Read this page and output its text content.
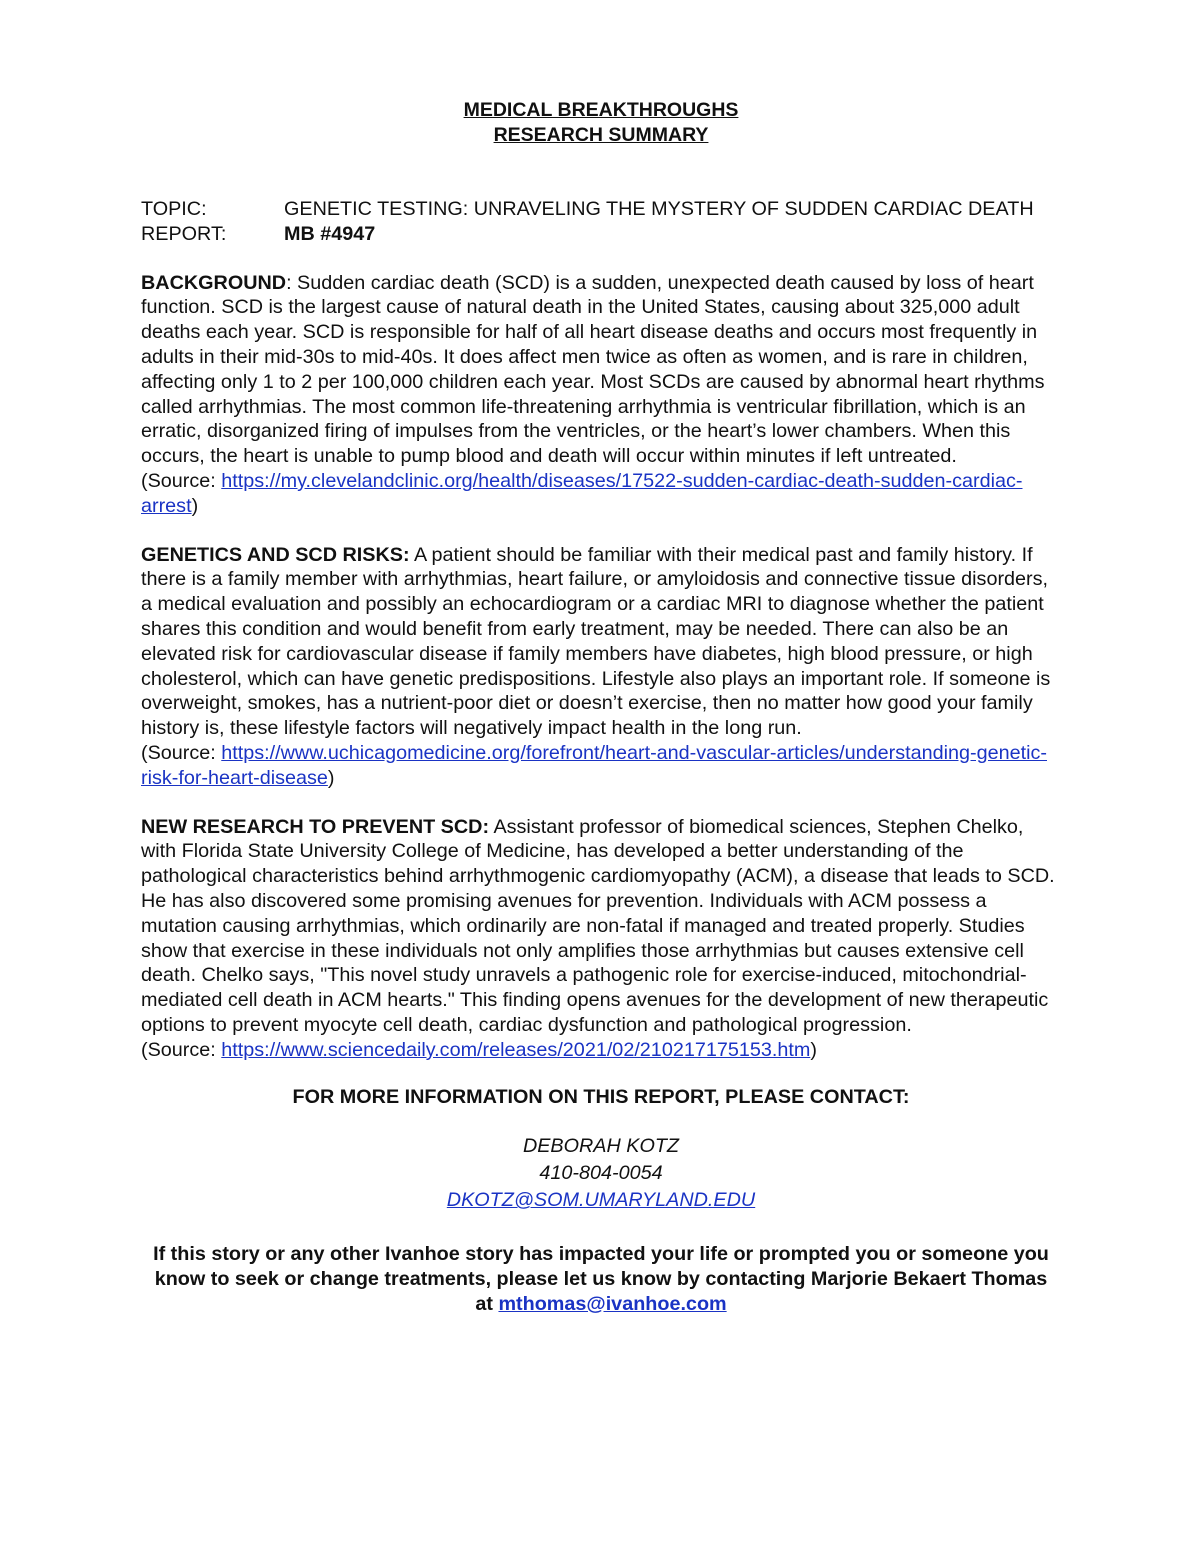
MEDICAL BREAKTHROUGHS
RESEARCH SUMMARY
TOPIC:	GENETIC TESTING: UNRAVELING THE MYSTERY OF SUDDEN CARDIAC DEATH
REPORT:	MB #4947
BACKGROUND: Sudden cardiac death (SCD) is a sudden, unexpected death caused by loss of heart function. SCD is the largest cause of natural death in the United States, causing about 325,000 adult deaths each year. SCD is responsible for half of all heart disease deaths and occurs most frequently in adults in their mid-30s to mid-40s. It does affect men twice as often as women, and is rare in children, affecting only 1 to 2 per 100,000 children each year. Most SCDs are caused by abnormal heart rhythms called arrhythmias. The most common life-threatening arrhythmia is ventricular fibrillation, which is an erratic, disorganized firing of impulses from the ventricles, or the heart’s lower chambers. When this occurs, the heart is unable to pump blood and death will occur within minutes if left untreated.
(Source: https://my.clevelandclinic.org/health/diseases/17522-sudden-cardiac-death-sudden-cardiac-arrest)
GENETICS AND SCD RISKS: A patient should be familiar with their medical past and family history. If there is a family member with arrhythmias, heart failure, or amyloidosis and connective tissue disorders, a medical evaluation and possibly an echocardiogram or a cardiac MRI to diagnose whether the patient shares this condition and would benefit from early treatment, may be needed. There can also be an elevated risk for cardiovascular disease if family members have diabetes, high blood pressure, or high cholesterol, which can have genetic predispositions. Lifestyle also plays an important role. If someone is overweight, smokes, has a nutrient-poor diet or doesn’t exercise, then no matter how good your family history is, these lifestyle factors will negatively impact health in the long run.
(Source: https://www.uchicagomedicine.org/forefront/heart-and-vascular-articles/understanding-genetic-risk-for-heart-disease)
NEW RESEARCH TO PREVENT SCD: Assistant professor of biomedical sciences, Stephen Chelko, with Florida State University College of Medicine, has developed a better understanding of the pathological characteristics behind arrhythmogenic cardiomyopathy (ACM), a disease that leads to SCD. He has also discovered some promising avenues for prevention. Individuals with ACM possess a mutation causing arrhythmias, which ordinarily are non-fatal if managed and treated properly. Studies show that exercise in these individuals not only amplifies those arrhythmias but causes extensive cell death. Chelko says, "This novel study unravels a pathogenic role for exercise-induced, mitochondrial-mediated cell death in ACM hearts." This finding opens avenues for the development of new therapeutic options to prevent myocyte cell death, cardiac dysfunction and pathological progression.
(Source: https://www.sciencedaily.com/releases/2021/02/210217175153.htm)
FOR MORE INFORMATION ON THIS REPORT, PLEASE CONTACT:
DEBORAH KOTZ
410-804-0054
DKOTZ@SOM.UMARYLAND.EDU
If this story or any other Ivanhoe story has impacted your life or prompted you or someone you know to seek or change treatments, please let us know by contacting Marjorie Bekaert Thomas at mthomas@ivanhoe.com
